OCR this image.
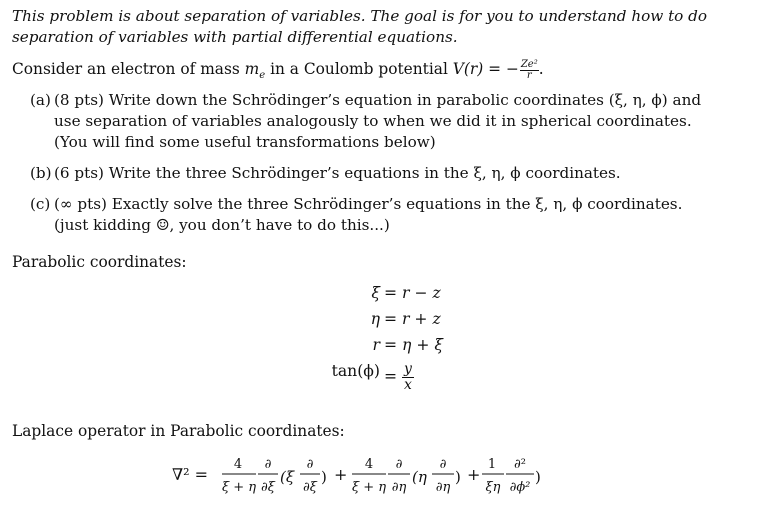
This problem is about separation of variables. The goal is for you to understand how to do separation of variables with partial differential equations.
Consider an electron of mass $m_e$ in a Coulomb potential V(r) = − $\frac{\text{Ze²}}{r}$ .
(a) (8 pts) Write down the Schrödinger’s equation in parabolic coordinates (ξ, η, ϕ) and use separation of variables analogously to when we did it in spherical coordinates. (You will find some useful transformations below)
(b) (6 pts) Write the three Schrödinger’s equations in the ξ, η, ϕ coordinates.
(c) (∞ pts) Exactly solve the three Schrödinger’s equations in the ξ, η, ϕ coordinates. (just kidding ☺, you don’t have to do this...)
Parabolic coordinates:
ξ = r − z
η = r + z
r = η + ξ
$\tan(\phi) = \frac{y}{x}$
Laplace operator in Parabolic coordinates:
∇² =
4
ξ + η
∂
∂ξ
(ξ
∂
∂ξ
) +
4
ξ + η
∂
∂η
(η
∂
∂η
) +
1
ξη
∂²
∂ϕ²
)
